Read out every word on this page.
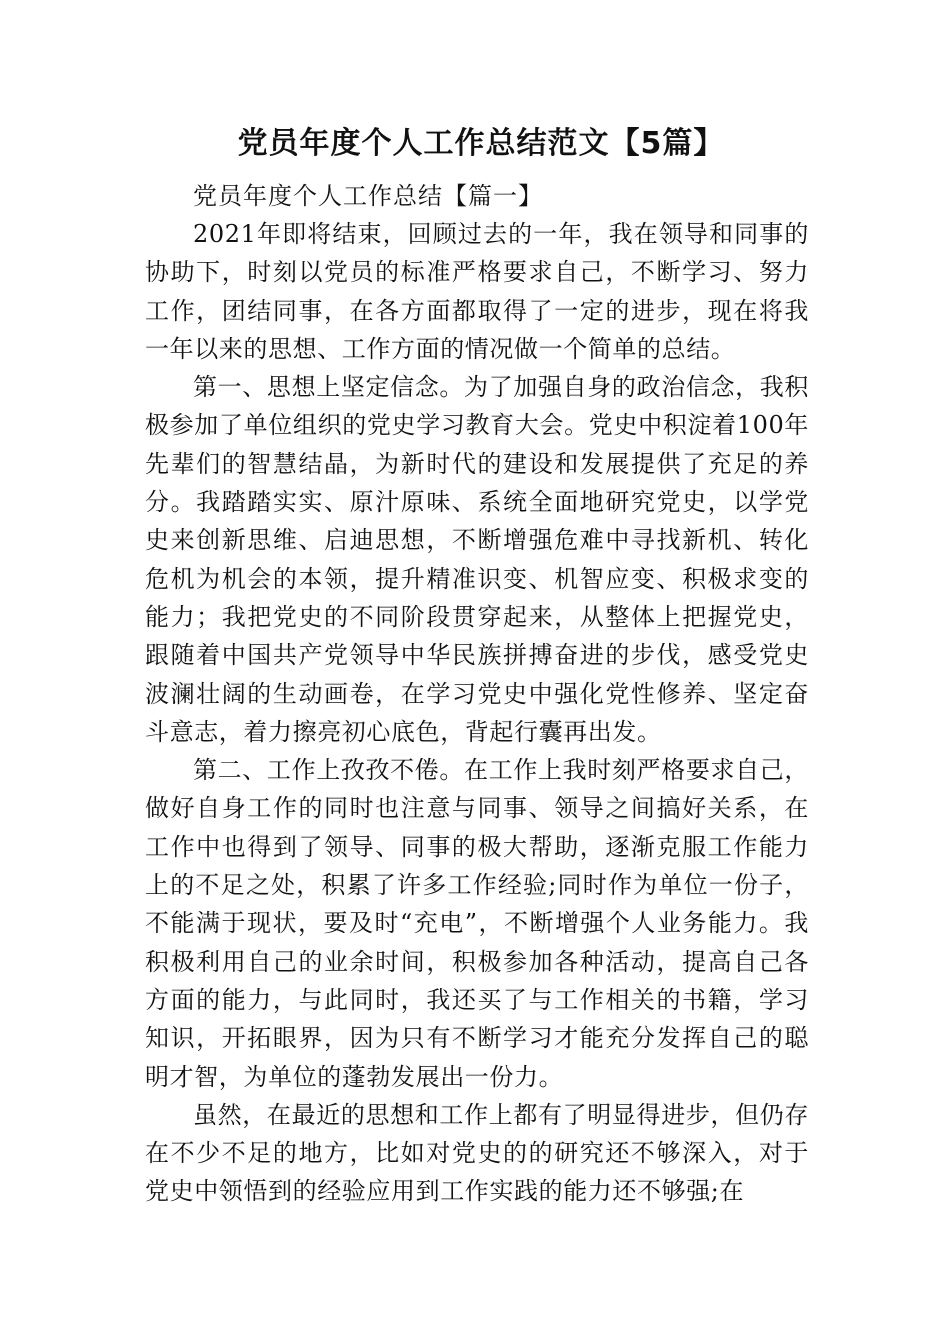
党员年度个人工作总结范文【5篇】

党员年度个人工作总结【篇一】

2021年即将结束，回顾过去的一年，我在领导和同事的协助下，时刻以党员的标准严格要求自己，不断学习、努力工作，团结同事，在各方面都取得了一定的进步，现在将我一年以来的思想、工作方面的情况做一个简单的总结。

第一、思想上坚定信念。为了加强自身的政治信念，我积极参加了单位组织的党史学习教育大会。党史中积淀着100年先辈们的智慧结晶，为新时代的建设和发展提供了充足的养分。我踏踏实实、原汁原味、系统全面地研究党史，以学党史来创新思维、启迪思想，不断增强危难中寻找新机、转化危机为机会的本领，提升精准识变、机智应变、积极求变的能力；我把党史的不同阶段贯穿起来，从整体上把握党史，跟随着中国共产党领导中华民族拼搏奋进的步伐，感受党史波澜壮阔的生动画卷，在学习党史中强化党性修养、坚定奋斗意志，着力擦亮初心底色，背起行囊再出发。

第二、工作上孜孜不倦。在工作上我时刻严格要求自己，做好自身工作的同时也注意与同事、领导之间搞好关系，在工作中也得到了领导、同事的极大帮助，逐渐克服工作能力上的不足之处，积累了许多工作经验;同时作为单位一份子，不能满于现状，要及时“充电”，不断增强个人业务能力。我积极利用自己的业余时间，积极参加各种活动，提高自己各方面的能力，与此同时，我还买了与工作相关的书籍，学习知识，开拓眼界，因为只有不断学习才能充分发挥自己的聪明才智，为单位的蓬勃发展出一份力。

虽然，在最近的思想和工作上都有了明显得进步，但仍存在不少不足的地方，比如对党史的的研究还不够深入，对于党史中领悟到的经验应用到工作实践的能力还不够强;在
